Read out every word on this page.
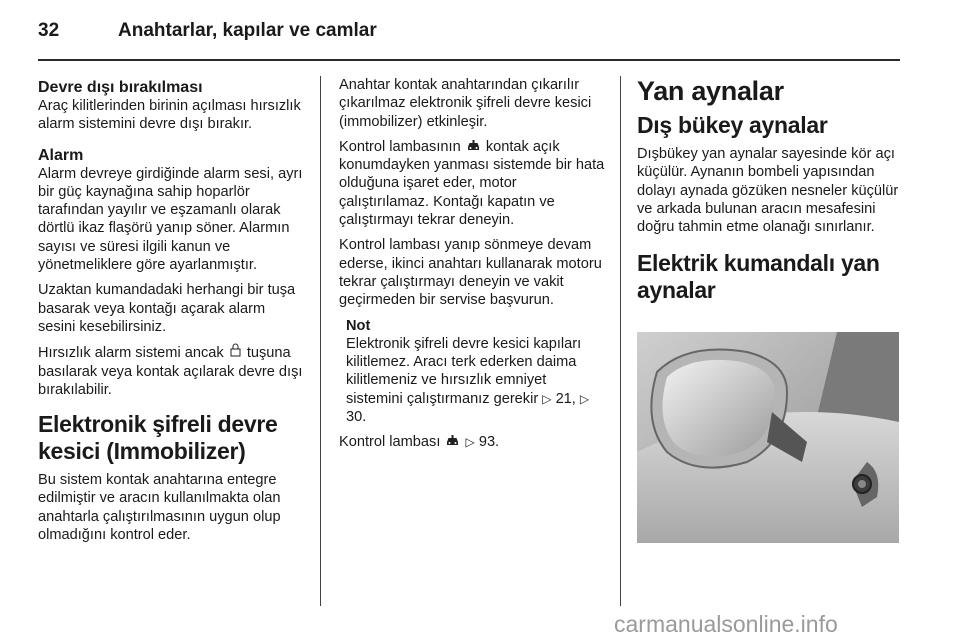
32	Anahtarlar, kapılar ve camlar
Devre dışı bırakılması

Araç kilitlerinden birinin açılması hırsızlık alarm sistemini devre dışı bırakır.

Alarm

Alarm devreye girdiğinde alarm sesi, ayrı bir güç kaynağına sahip hoparlör tarafından yayılır ve eşzamanlı olarak dörtlü ikaz flaşörü yanıp söner. Alarmın sayısı ve süresi ilgili kanun ve yönetmeliklere göre ayarlanmıştır.

Uzaktan kumandadaki herhangi bir tuşa basarak veya kontağı açarak alarm sesini kesebilirsiniz.

Hırsızlık alarm sistemi ancak tuşuna basılarak veya kontak açılarak devre dışı bırakılabilir.

Elektronik şifreli devre kesici (Immobilizer)

Bu sistem kontak anahtarına entegre edilmiştir ve aracın kullanılmakta olan anahtarla çalıştırılmasının uygun olup olmadığını kontrol eder.

Anahtar kontak anahtarından çıkarılır çıkarılmaz elektronik şifreli devre kesici (immobilizer) etkinleşir.

Kontrol lambasının kontak açık konumdayken yanması sistemde bir hata olduğuna işaret eder, motor çalıştırılamaz. Kontağı kapatın ve çalıştırmayı tekrar deneyin.

Kontrol lambası yanıp sönmeye devam ederse, ikinci anahtarı kullanarak motoru tekrar çalıştırmayı deneyin ve vakit geçirmeden bir servise başvurun.

Not

Elektronik şifreli devre kesici kapıları kilitlemez. Aracı terk ederken daima kilitlemeniz ve hırsızlık emniyet sistemini çalıştırmanız gerekir ▷ 21, ▷ 30.

Kontrol lambası ▷ 93.

Yan aynalar
Dış bükey aynalar

Dışbükey yan aynalar sayesinde kör açı küçülür. Aynanın bombeli yapısından dolayı aynada gözüken nesneler küçülür ve arkada bulunan aracın mesafesini doğru tahmin etme olanağı sınırlanır.

Elektrik kumandalı yan aynalar
carmanualsonline.info
